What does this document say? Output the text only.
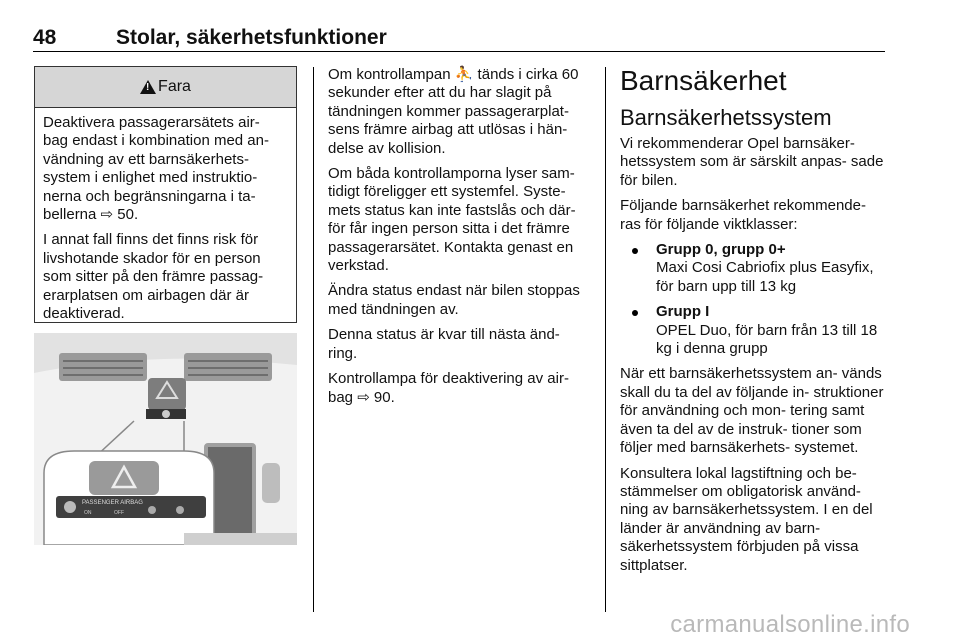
48	Stolar, säkerhetsfunktioner
!
Fara

Deaktivera passagerarsätets air- bag endast i kombination med an- vändning av ett barnsäkerhets- system i enlighet med instruktio- nerna och begränsningarna i ta- bellerna ⇨ 50.

I annat fall finns det finns risk för livshotande skador för en person som sitter på den främre passag- erarplatsen om airbagen där är deaktiverad.

PASSENGER AIRBAG
ON	OFF

Om kontrollampan ⛹ tänds i cirka 60 sekunder efter att du har slagit på tändningen kommer passagerarplat- sens främre airbag att utlösas i hän- delse av kollision.

Om båda kontrollamporna lyser sam- tidigt föreligger ett systemfel. Syste- mets status kan inte fastslås och där- för får ingen person sitta i det främre passagerarsätet. Kontakta genast en verkstad.

Ändra status endast när bilen stoppas med tändningen av.

Denna status är kvar till nästa änd- ring.

Kontrollampa för deaktivering av air- bag ⇨ 90.

Barnsäkerhet
Barnsäkerhetssystem

Vi rekommenderar Opel barnsäker- hetssystem som är särskilt anpas- sade för bilen.

Följande barnsäkerhet rekommende- ras för följande viktklasser:

Grupp 0, grupp 0+
Maxi Cosi Cabriofix plus Easyfix, för barn upp till 13 kg
Grupp I
OPEL Duo, för barn från 13 till 18 kg i denna grupp

När ett barnsäkerhetssystem an- vänds skall du ta del av följande in- struktioner för användning och mon- tering samt även ta del av de instruk- tioner som följer med barnsäkerhets- systemet.

Konsultera lokal lagstiftning och be- stämmelser om obligatorisk använd- ning av barnsäkerhetssystem. I en del länder är användning av barn- säkerhetssystem förbjuden på vissa sittplatser.

carmanualsonline.info
